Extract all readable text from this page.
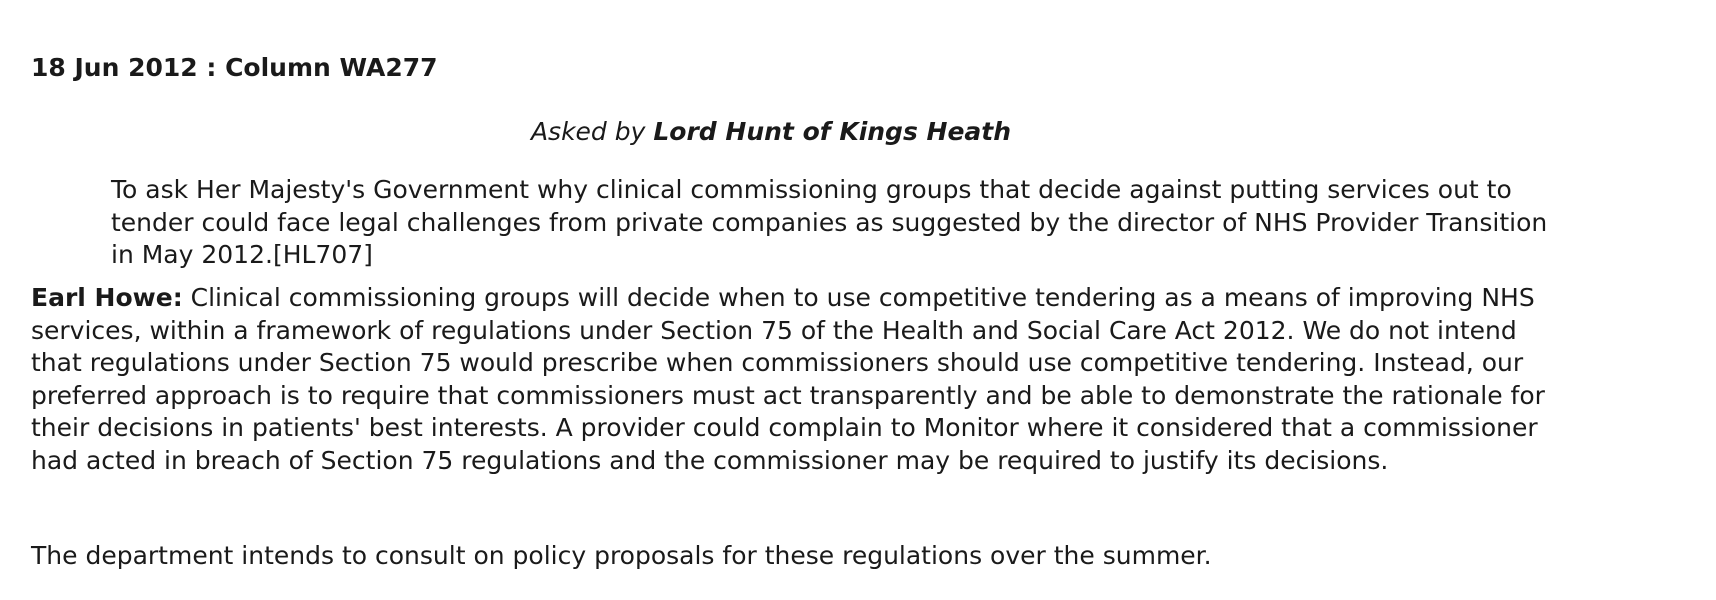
18 Jun 2012 : Column WA277
Asked by Lord Hunt of Kings Heath

To ask Her Majesty's Government why clinical commissioning groups that decide against putting services out to tender could face legal challenges from private companies as suggested by the director of NHS Provider Transition in May 2012.[HL707]

Earl Howe: Clinical commissioning groups will decide when to use competitive tendering as a means of improving NHS services, within a framework of regulations under Section 75 of the Health and Social Care Act 2012. We do not intend that regulations under Section 75 would prescribe when commissioners should use competitive tendering. Instead, our preferred approach is to require that commissioners must act transparently and be able to demonstrate the rationale for their decisions in patients' best interests. A provider could complain to Monitor where it considered that a commissioner had acted in breach of Section 75 regulations and the commissioner may be required to justify its decisions.

The department intends to consult on policy proposals for these regulations over the summer.
